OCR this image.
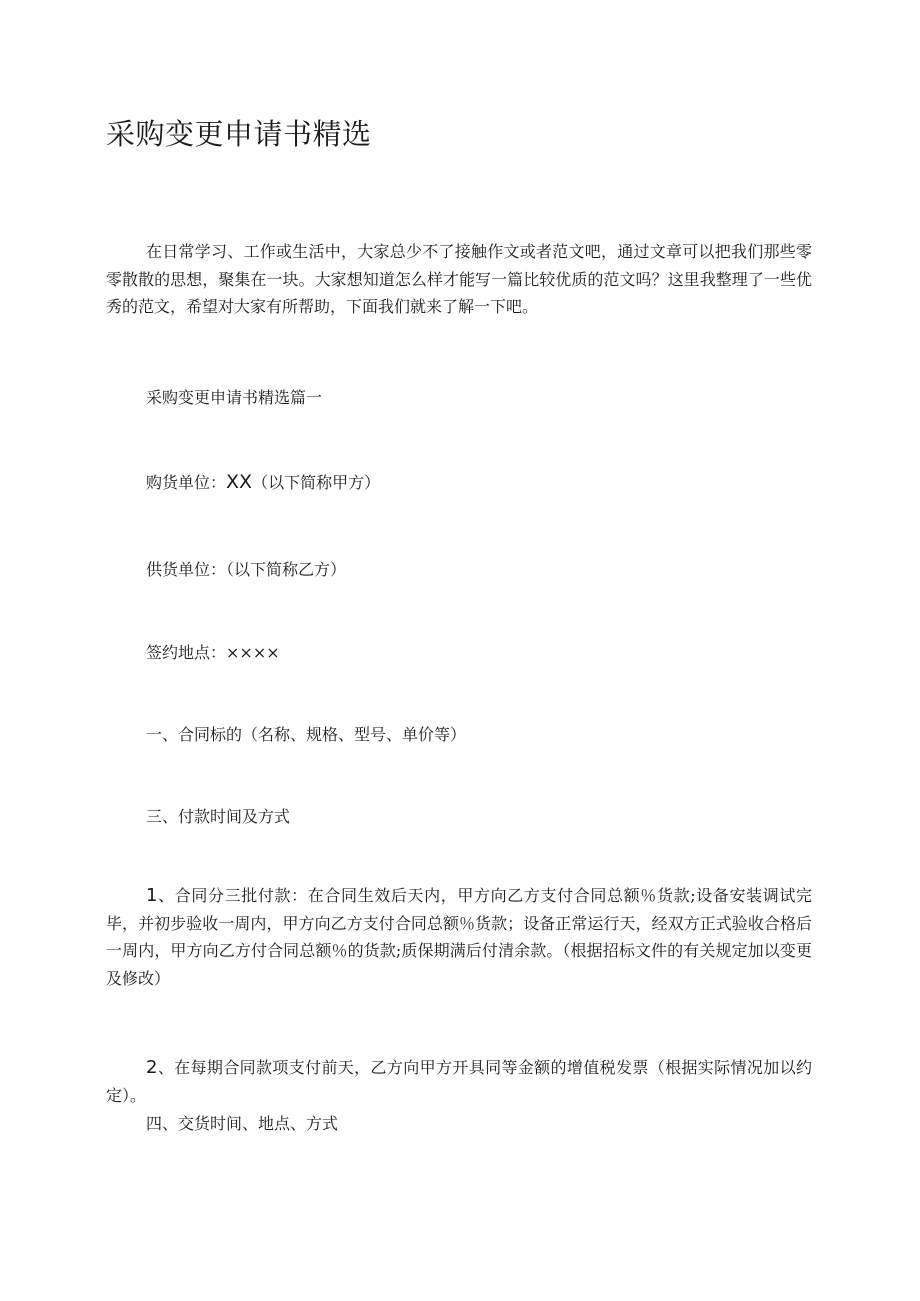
采购变更申请书精选

在日常学习、工作或生活中，大家总少不了接触作文或者范文吧，通过文章可以把我们那些零零散散的思想，聚集在一块。大家想知道怎么样才能写一篇比较优质的范文吗？这里我整理了一些优秀的范文，希望对大家有所帮助，下面我们就来了解一下吧。

采购变更申请书精选篇一

购货单位：XX（以下简称甲方）

供货单位：（以下简称乙方）

签约地点：××××

一、合同标的（名称、规格、型号、单价等）

三、付款时间及方式

1、合同分三批付款：在合同生效后天内，甲方向乙方支付合同总额％货款;设备安装调试完毕，并初步验收一周内，甲方向乙方支付合同总额％货款；设备正常运行天，经双方正式验收合格后一周内，甲方向乙方付合同总额％的货款;质保期满后付清余款。（根据招标文件的有关规定加以变更及修改）

2、在每期合同款项支付前天，乙方向甲方开具同等金额的增值税发票（根据实际情况加以约定）。

四、交货时间、地点、方式
